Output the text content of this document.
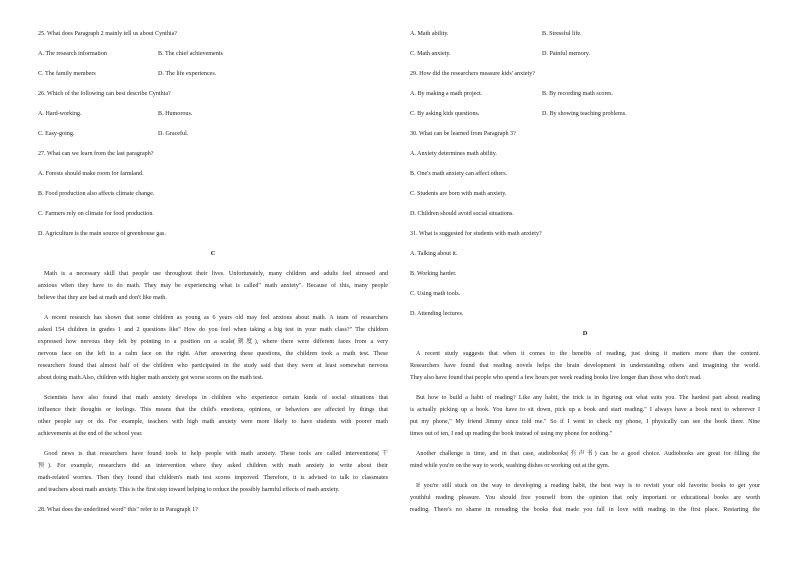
25. What does Paragraph 2 mainly tell us about Cynthia?
A. The research information	B. The chief achievements
C. The family members	D. The life experiences.
26. Which of the following can best describe Cynthia?
A. Hard-working.	B. Humorous.
C. Easy-going.	D. Graceful.
27. What can we learn from the last paragraph?
A. Forests should make room for farmland.
B. Food production also affects climate change.
C. Farmers rely on climate for food production.
D. Agriculture is the main source of greenhouse gas.
C
Math is a necessary skill that people use throughout their lives. Unfortunately, many children and adults feel stressed and
anxious when they have to do math. They may be experiencing what is called" math anxiety". Because of this, many people
believe that they are bad at math and don't like math.
A recent research has shown that some children as young as 6 years old may feel anxious about math. A team of researchers
asked 154 children in grades 1 and 2 questions like" How do you feel when taking a big test in your math class?" The children
expressed how nervous they felt by pointing to a position on a scale(刻度), where there were different faces from a very
nervous face on the left to a calm face on the right. After answering these questions, the children took a math test. These
researchers found that almost half of the children who participated in the study said that they were at least somewhat nervous
about doing math.Also, children with higher math anxiety got worse scores on the math test.
Scientists have also found that math anxiety develops in children who experience certain kinds of social situations that
influence their thoughts or feelings. This means that the child's emotions, opinions, or behaviors are affected by things that
other people say or do. For example, teachers with high math anxiety were more likely to have students with poorer math
achievements at the end of the school year.
Good news is that researchers have found tools to help people with math anxiety. These tools are called interventions(干
预). For example, researchers did an intervention where they asked children with math anxiety to write about their
math-related worries. Then they found that children's math test scores improved. Therefore, it is advised to talk to classmates
and teachers about math anxiety. This is the first step toward helping to reduce the possibly harmful effects of math anxiety.
28. What does the underlined word" this" refer to in Paragraph 1?
A. Math ability.	B. Stressful life.
C. Math anxiety.	D. Painful memory.
29. How did the researchers measure kids' anxiety?
A. By making a math project.	B. By recording math scores.
C. By asking kids questions.	D. By showing teaching problems.
30. What can be learned from Paragraph 3?
A. Anxiety determines math ability.
B. One's math anxiety can affect others.
C. Students are born with math anxiety.
D. Children should avoid social situations.
31. What is suggested for students with math anxiety?
A. Talking about it.
B. Working harder.
C. Using math tools.
D. Attending lectures.
D
A recent study suggests that when it comes to the benefits of reading, just doing it matters more than the content.
Researchers have found that reading novels helps the brain development in understanding others and imagining the world.
They also have found that people who spend a few hours per week reading books live longer than those who don't read.
But how to build a habit of reading? Like any habit, the trick is in figuring out what suits you. The hardest part about reading
is actually picking up a book. You have to sit down, pick up a book and start reading." I always have a book next to wherever I
put my phone," My friend Jimmy since told me." So if I went to check my phone, I physically can see the book there. Nine
times out of ten, I end up reading the book instead of using my phone for nothing."
Another challenge is time, and in that case, audiobooks(有声书) can be a good choice. Audiobooks are great for filling the
mind while you're on the way to work, washing dishes or working out at the gym.
If you're still stuck on the way to developing a reading habit, the best way is to revisit your old favorite books to get your
youthful reading pleasure. You should free yourself from the opinion that only important or educational books are worth
reading. There's no shame in rereading the books that made you fall in love with reading in the first place. Restarting the
